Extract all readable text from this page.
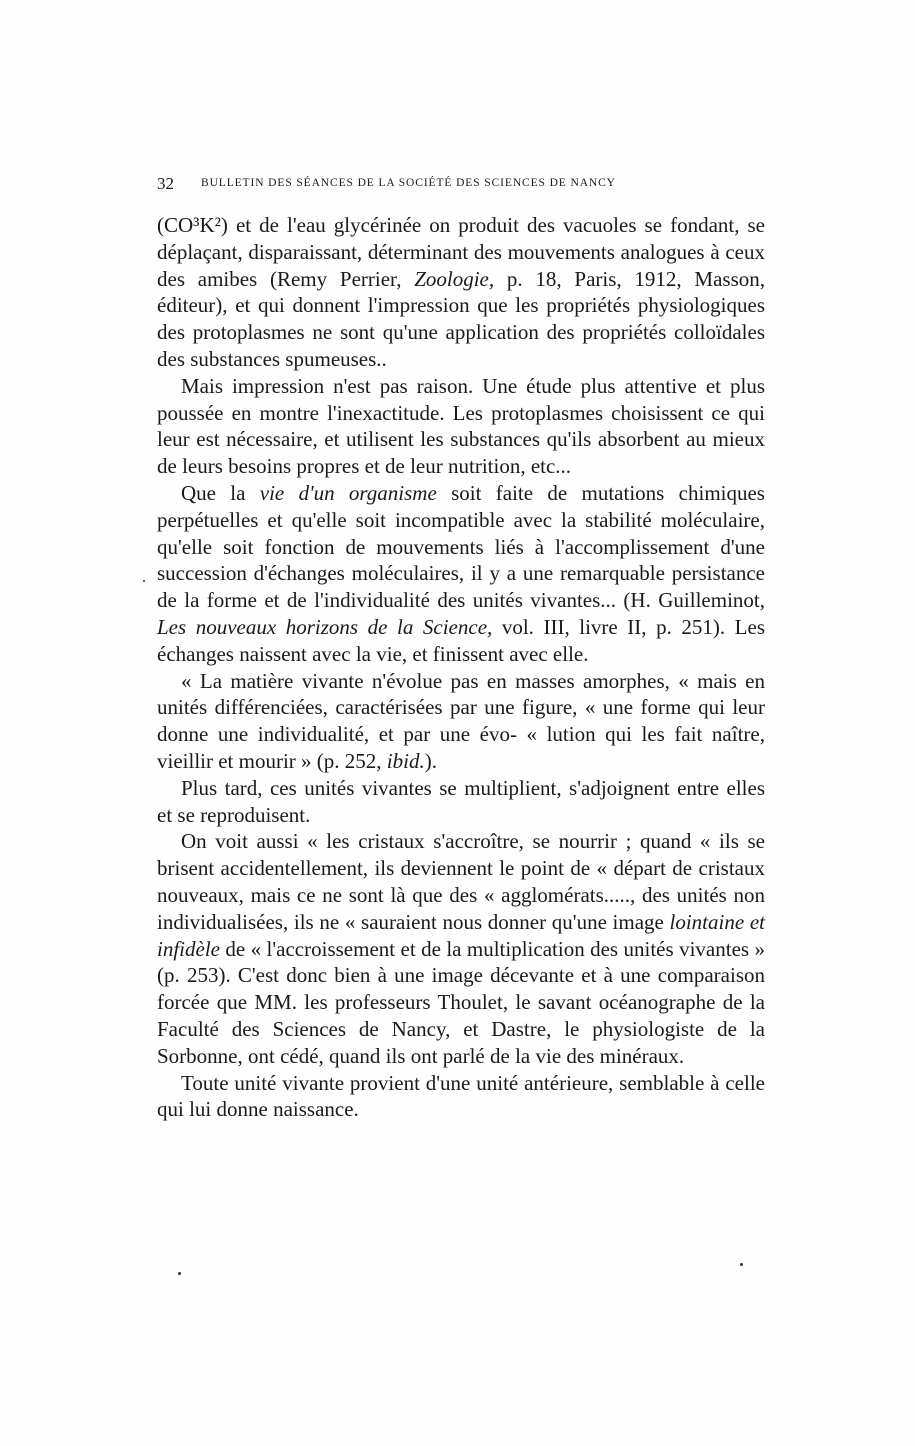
32 BULLETIN DES SÉANCES DE LA SOCIÉTÉ DES SCIENCES DE NANCY

(CO³K²) et de l'eau glycérinée on produit des vacuoles se fondant, se déplaçant, disparaissant, déterminant des mouvements analogues à ceux des amibes (Remy Perrier, Zoologie, p. 18, Paris, 1912, Masson, éditeur), et qui donnent l'impression que les propriétés physiologiques des protoplasmes ne sont qu'une application des propriétés colloïdales des substances spumeuses..

Mais impression n'est pas raison. Une étude plus attentive et plus poussée en montre l'inexactitude. Les protoplasmes choisissent ce qui leur est nécessaire, et utilisent les substances qu'ils absorbent au mieux de leurs besoins propres et de leur nutrition, etc...

Que la vie d'un organisme soit faite de mutations chimiques perpétuelles et qu'elle soit incompatible avec la stabilité moléculaire, qu'elle soit fonction de mouvements liés à l'accomplissement d'une succession d'échanges moléculaires, il y a une remarquable persistance de la forme et de l'individualité des unités vivantes... (H. Guilleminot, Les nouveaux horizons de la Science, vol. III, livre II, p. 251). Les échanges naissent avec la vie, et finissent avec elle.

« La matière vivante n'évolue pas en masses amorphes, « mais en unités différenciées, caractérisées par une figure, « une forme qui leur donne une individualité, et par une évo- « lution qui les fait naître, vieillir et mourir » (p. 252, ibid.).

Plus tard, ces unités vivantes se multiplient, s'adjoignent entre elles et se reproduisent.

On voit aussi « les cristaux s'accroître, se nourrir ; quand « ils se brisent accidentellement, ils deviennent le point de « départ de cristaux nouveaux, mais ce ne sont là que des « agglomérats....., des unités non individualisées, ils ne « sauraient nous donner qu'une image lointaine et infidèle de « l'accroissement et de la multiplication des unités vivantes » (p. 253). C'est donc bien à une image décevante et à une comparaison forcée que MM. les professeurs Thoulet, le savant océanographe de la Faculté des Sciences de Nancy, et Dastre, le physiologiste de la Sorbonne, ont cédé, quand ils ont parlé de la vie des minéraux.

Toute unité vivante provient d'une unité antérieure, semblable à celle qui lui donne naissance.
